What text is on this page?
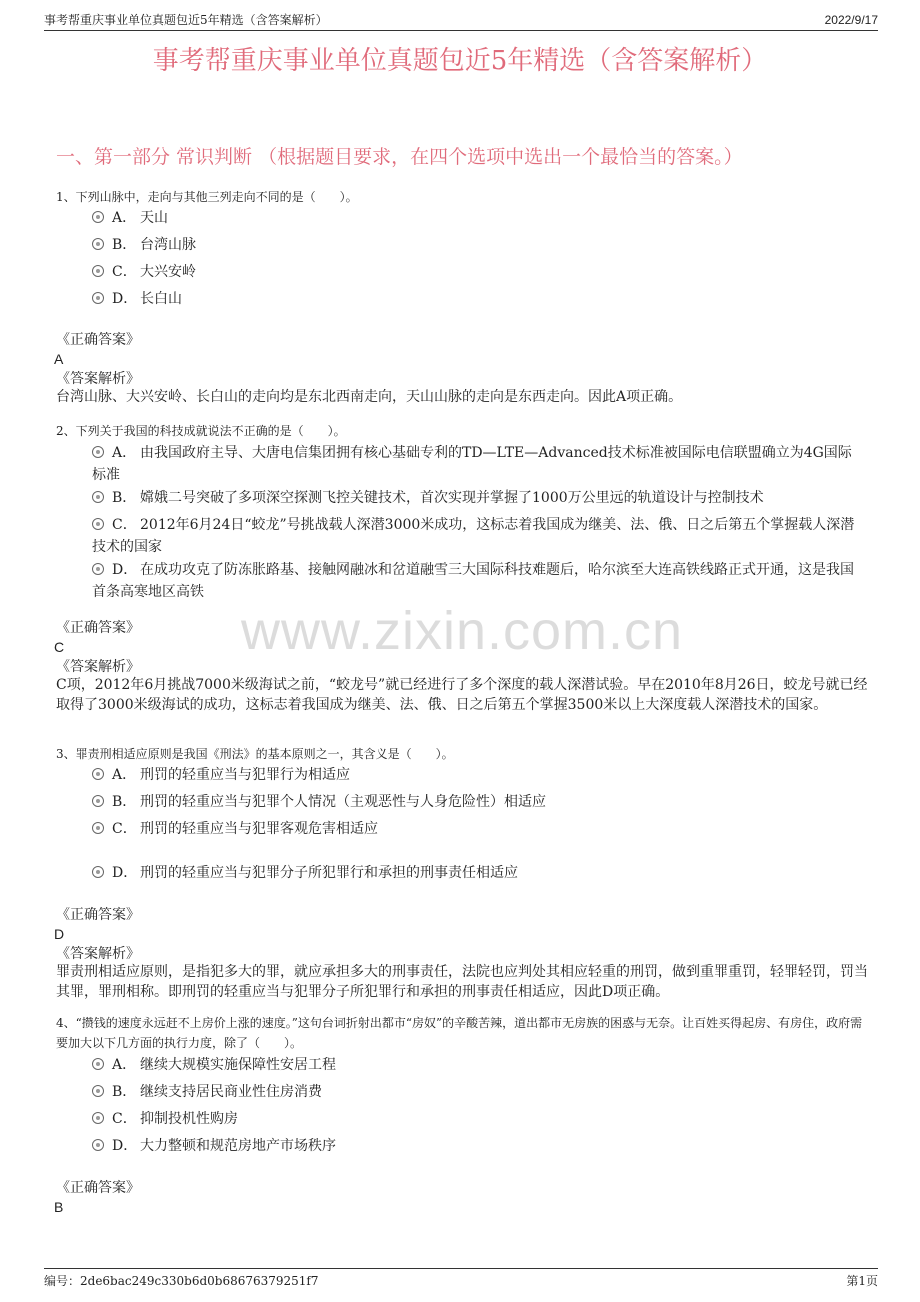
事考帮重庆事业单位真题包近5年精选（含答案解析）	2022/9/17
事考帮重庆事业单位真题包近5年精选（含答案解析）
一、第一部分 常识判断 （根据题目要求，在四个选项中选出一个最恰当的答案。）
www.zixin.com.cn
1、下列山脉中，走向与其他三列走向不同的是（　　）。
A． 天山
B． 台湾山脉
C． 大兴安岭
D． 长白山
《正确答案》
A
《答案解析》
台湾山脉、大兴安岭、长白山的走向均是东北西南走向，天山山脉的走向是东西走向。因此A项正确。
2、下列关于我国的科技成就说法不正确的是（　　）。
A． 由我国政府主导、大唐电信集团拥有核心基础专利的TD—LTE—Advanced技术标准被国际电信联盟确立为4G国际标准
B． 嫦娥二号突破了多项深空探测飞控关键技术，首次实现并掌握了1000万公里远的轨道设计与控制技术
C． 2012年6月24日“蛟龙”号挑战载人深潜3000米成功，这标志着我国成为继美、法、俄、日之后第五个掌握载人深潜技术的国家
D． 在成功攻克了防冻胀路基、接触网融冰和岔道融雪三大国际科技难题后，哈尔滨至大连高铁线路正式开通，这是我国首条高寒地区高铁
《正确答案》
C
《答案解析》
C项，2012年6月挑战7000米级海试之前，“蛟龙号”就已经进行了多个深度的载人深潜试验。早在2010年8月26日，蛟龙号就已经取得了3000米级海试的成功，这标志着我国成为继美、法、俄、日之后第五个掌握3500米以上大深度载人深潜技术的国家。
3、罪责刑相适应原则是我国《刑法》的基本原则之一，其含义是（　　）。
A． 刑罚的轻重应当与犯罪行为相适应
B． 刑罚的轻重应当与犯罪个人情况（主观恶性与人身危险性）相适应
C． 刑罚的轻重应当与犯罪客观危害相适应
D． 刑罚的轻重应当与犯罪分子所犯罪行和承担的刑事责任相适应
《正确答案》
D
《答案解析》
罪责刑相适应原则，是指犯多大的罪，就应承担多大的刑事责任，法院也应判处其相应轻重的刑罚，做到重罪重罚，轻罪轻罚，罚当其罪，罪刑相称。即刑罚的轻重应当与犯罪分子所犯罪行和承担的刑事责任相适应，因此D项正确。
4、“攒钱的速度永远赶不上房价上涨的速度。”这句台词折射出都市“房奴”的辛酸苦辣，道出都市无房族的困惑与无奈。让百姓买得起房、有房住，政府需要加大以下几方面的执行力度，除了（　　）。
A． 继续大规模实施保障性安居工程
B． 继续支持居民商业性住房消费
C． 抑制投机性购房
D． 大力整顿和规范房地产市场秩序
《正确答案》
B
编号：2de6bac249c330b6d0b68676379251f7	第1页
